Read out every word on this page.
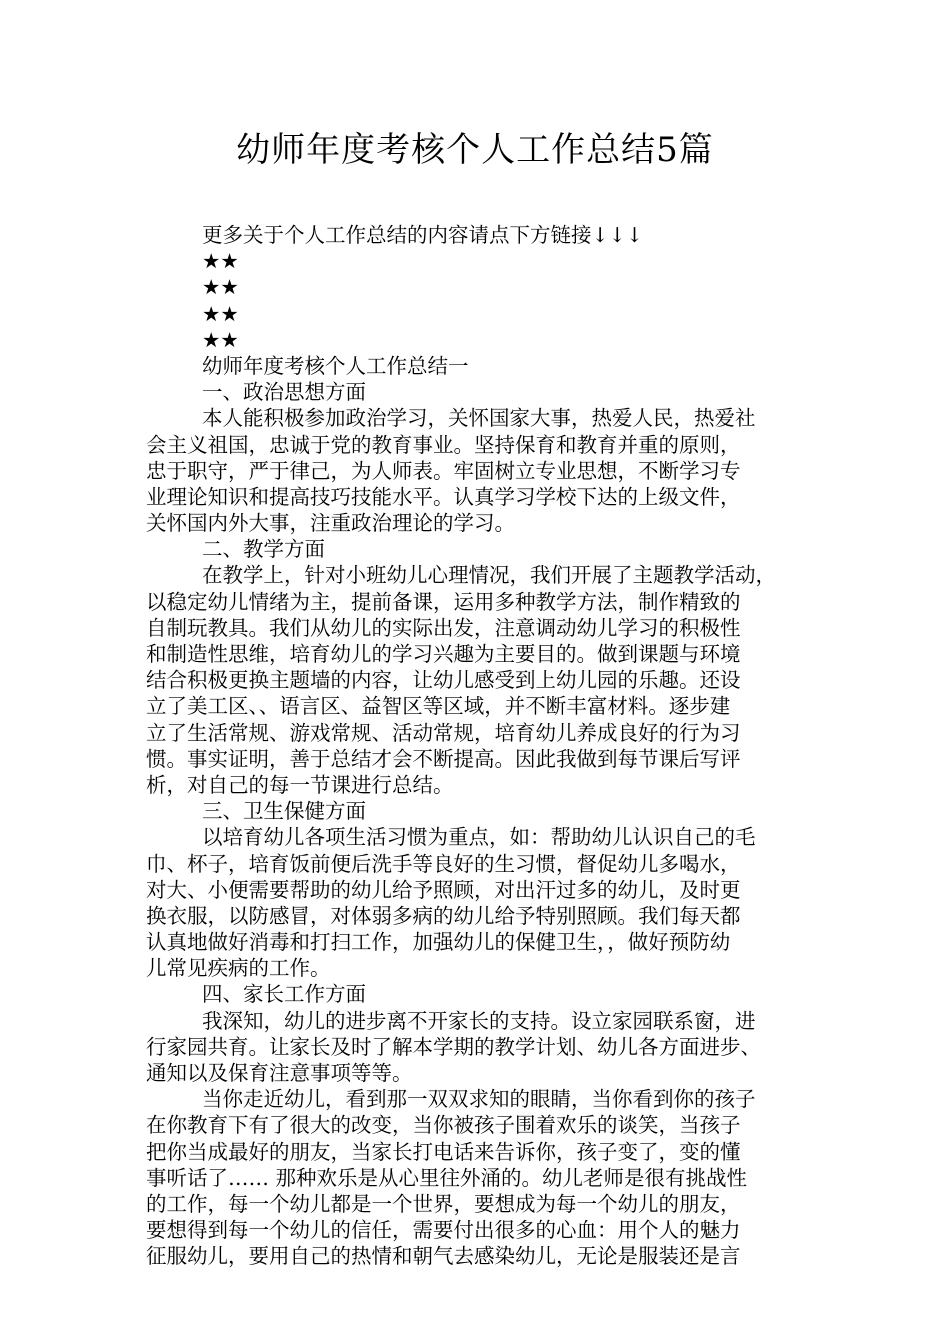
幼师年度考核个人工作总结5篇
更多关于个人工作总结的内容请点下方链接↓↓↓
★★
★★
★★
★★
幼师年度考核个人工作总结一
一、政治思想方面
本人能积极参加政治学习，关怀国家大事，热爱人民，热爱社
会主义祖国，忠诚于党的教育事业。坚持保育和教育并重的原则，
忠于职守，严于律己，为人师表。牢固树立专业思想，不断学习专
业理论知识和提高技巧技能水平。认真学习学校下达的上级文件，
关怀国内外大事，注重政治理论的学习。
二、教学方面
在教学上，针对小班幼儿心理情况，我们开展了主题教学活动，
以稳定幼儿情绪为主，提前备课，运用多种教学方法，制作精致的
自制玩教具。我们从幼儿的实际出发，注意调动幼儿学习的积极性
和制造性思维，培育幼儿的学习兴趣为主要目的。做到课题与环境
结合积极更换主题墙的内容，让幼儿感受到上幼儿园的乐趣。还设
立了美工区、、语言区、益智区等区域，并不断丰富材料。逐步建
立了生活常规、游戏常规、活动常规，培育幼儿养成良好的行为习
惯。事实证明，善于总结才会不断提高。因此我做到每节课后写评
析，对自己的每一节课进行总结。
三、卫生保健方面
以培育幼儿各项生活习惯为重点，如：帮助幼儿认识自己的毛
巾、杯子，培育饭前便后洗手等良好的生习惯，督促幼儿多喝水，
对大、小便需要帮助的幼儿给予照顾，对出汗过多的幼儿，及时更
换衣服，以防感冒，对体弱多病的幼儿给予特别照顾。我们每天都
认真地做好消毒和打扫工作，加强幼儿的保健卫生，，做好预防幼
儿常见疾病的工作。
四、家长工作方面
我深知，幼儿的进步离不开家长的支持。设立家园联系窗，进
行家园共育。让家长及时了解本学期的教学计划、幼儿各方面进步、
通知以及保育注意事项等等。
当你走近幼儿，看到那一双双求知的眼睛，当你看到你的孩子
在你教育下有了很大的改变，当你被孩子围着欢乐的谈笑，当孩子
把你当成最好的朋友，当家长打电话来告诉你，孩子变了，变的懂
事听话了…… 那种欢乐是从心里往外涌的。幼儿老师是很有挑战性
的工作，每一个幼儿都是一个世界，要想成为每一个幼儿的朋友，
要想得到每一个幼儿的信任，需要付出很多的心血：用个人的魅力
征服幼儿，要用自己的热情和朝气去感染幼儿，无论是服装还是言
